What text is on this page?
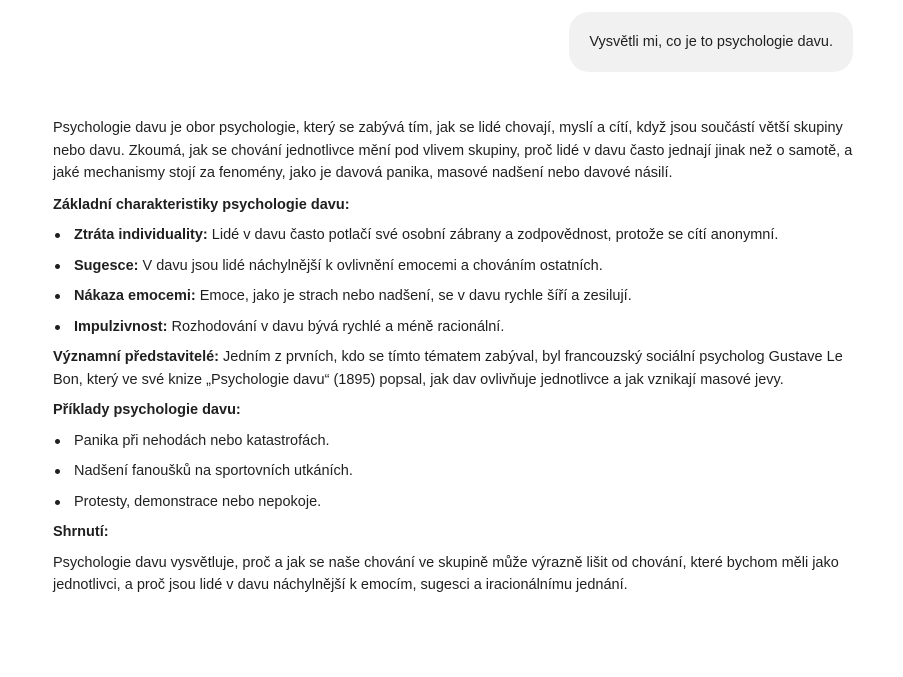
Vysvětli mi, co je to psychologie davu.

Psychologie davu je obor psychologie, který se zabývá tím, jak se lidé chovají, myslí a cítí, když jsou součástí větší skupiny nebo davu. Zkoumá, jak se chování jednotlivce mění pod vlivem skupiny, proč lidé v davu často jednají jinak než o samotě, a jaké mechanismy stojí za fenomény, jako je davová panika, masové nadšení nebo davové násilí.

Základní charakteristiky psychologie davu:

Ztráta individuality: Lidé v davu často potlačí své osobní zábrany a zodpovědnost, protože se cítí anonymní.
Sugesce: V davu jsou lidé náchylnější k ovlivnění emocemi a chováním ostatních.
Nákaza emocemi: Emoce, jako je strach nebo nadšení, se v davu rychle šíří a zesilují.
Impulzivnost: Rozhodování v davu bývá rychlé a méně racionální.

Významní představitelé: Jedním z prvních, kdo se tímto tématem zabýval, byl francouzský sociální psycholog Gustave Le Bon, který ve své knize „Psychologie davu“ (1895) popsal, jak dav ovlivňuje jednotlivce a jak vznikají masové jevy.

Příklady psychologie davu:

Panika při nehodách nebo katastrofách.
Nadšení fanoušků na sportovních utkáních.
Protesty, demonstrace nebo nepokoje.

Shrnutí:

Psychologie davu vysvětluje, proč a jak se naše chování ve skupině může výrazně lišit od chování, které bychom měli jako jednotlivci, a proč jsou lidé v davu náchylnější k emocím, sugesci a iracionálnímu jednání.
